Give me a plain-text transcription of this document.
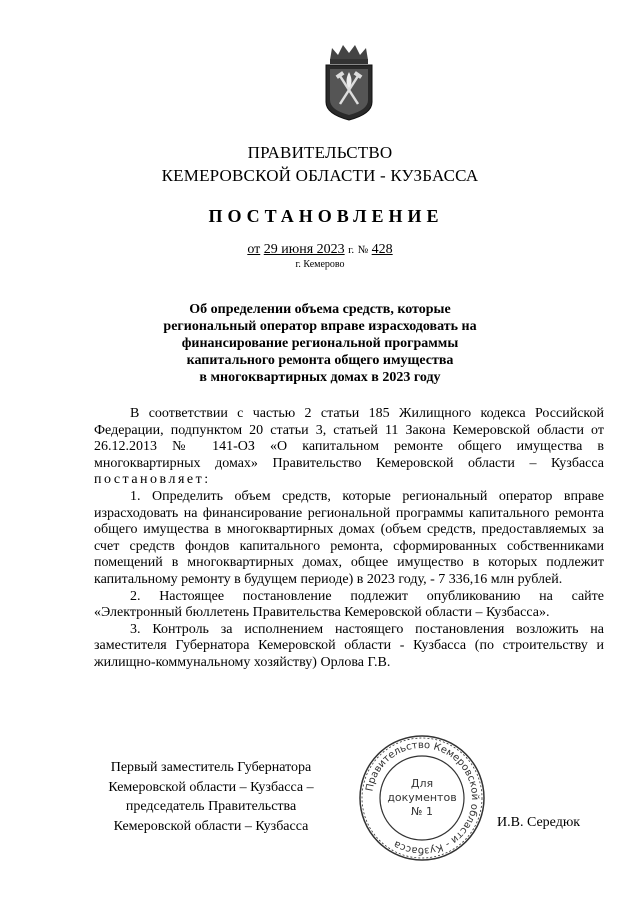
ПРАВИТЕЛЬСТВО
КЕМЕРОВСКОЙ ОБЛАСТИ - КУЗБАССА
ПОСТАНОВЛЕНИЕ
от 29 июня 2023 г. № 428
г. Кемерово
Об определении объема средств, которые
региональный оператор вправе израсходовать на
финансирование региональной программы
капитального ремонта общего имущества
в многоквартирных домах в 2023 году

В соответствии с частью 2 статьи 185 Жилищного кодекса Российской Федерации, подпунктом 20 статьи 3, статьей 11 Закона Кемеровской области от 26.12.2013 № 141-ОЗ «О капитальном ремонте общего имущества в многоквартирных домах» Правительство Кемеровской области – Кузбасса постановляет:

1. Определить объем средств, которые региональный оператор вправе израсходовать на финансирование региональной программы капитального ремонта общего имущества в многоквартирных домах (объем средств, предоставляемых за счет средств фондов капитального ремонта, сформированных собственниками помещений в многоквартирных домах, общее имущество в которых подлежит капитальному ремонту в будущем периоде) в 2023 году, - 7 336,16 млн рублей.

2. Настоящее постановление подлежит опубликованию на сайте «Электронный бюллетень Правительства Кемеровской области – Кузбасса».

3. Контроль за исполнением настоящего постановления возложить на заместителя Губернатора Кемеровской области - Кузбасса (по строительству и жилищно-коммунальному хозяйству) Орлова Г.В.

Первый заместитель Губернатора
Кемеровской области – Кузбасса –
председатель Правительства
Кемеровской области – Кузбасса
Правительство Кемеровской области - Кузбасса
Для
документов
№ 1
И.В. Середюк
